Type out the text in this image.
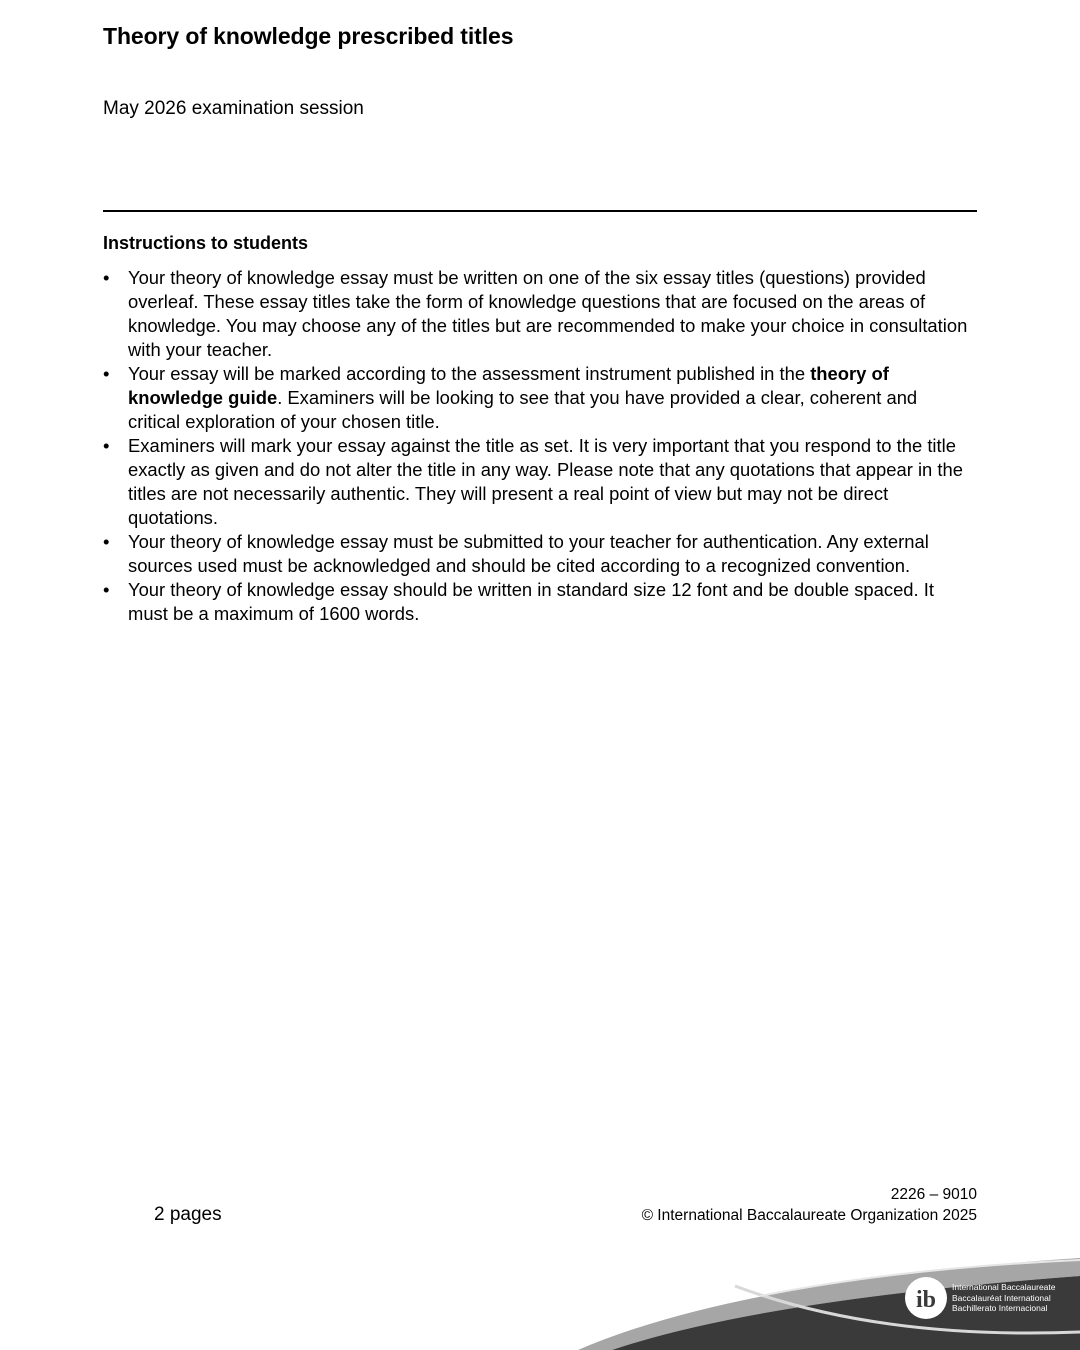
Theory of knowledge prescribed titles
May 2026 examination session
Instructions to students
• Your theory of knowledge essay must be written on one of the six essay titles (questions) provided overleaf. These essay titles take the form of knowledge questions that are focused on the areas of knowledge. You may choose any of the titles but are recommended to make your choice in consultation with your teacher.
• Your essay will be marked according to the assessment instrument published in the theory of knowledge guide. Examiners will be looking to see that you have provided a clear, coherent and critical exploration of your chosen title.
• Examiners will mark your essay against the title as set. It is very important that you respond to the title exactly as given and do not alter the title in any way. Please note that any quotations that appear in the titles are not necessarily authentic. They will present a real point of view but may not be direct quotations.
• Your theory of knowledge essay must be submitted to your teacher for authentication. Any external sources used must be acknowledged and should be cited according to a recognized convention.
• Your theory of knowledge essay should be written in standard size 12 font and be double spaced. It must be a maximum of 1600 words.
2 pages
2226 – 9010
© International Baccalaureate Organization 2025
ib International Baccalaureate
Baccalauréat International
Bachillerato Internacional
